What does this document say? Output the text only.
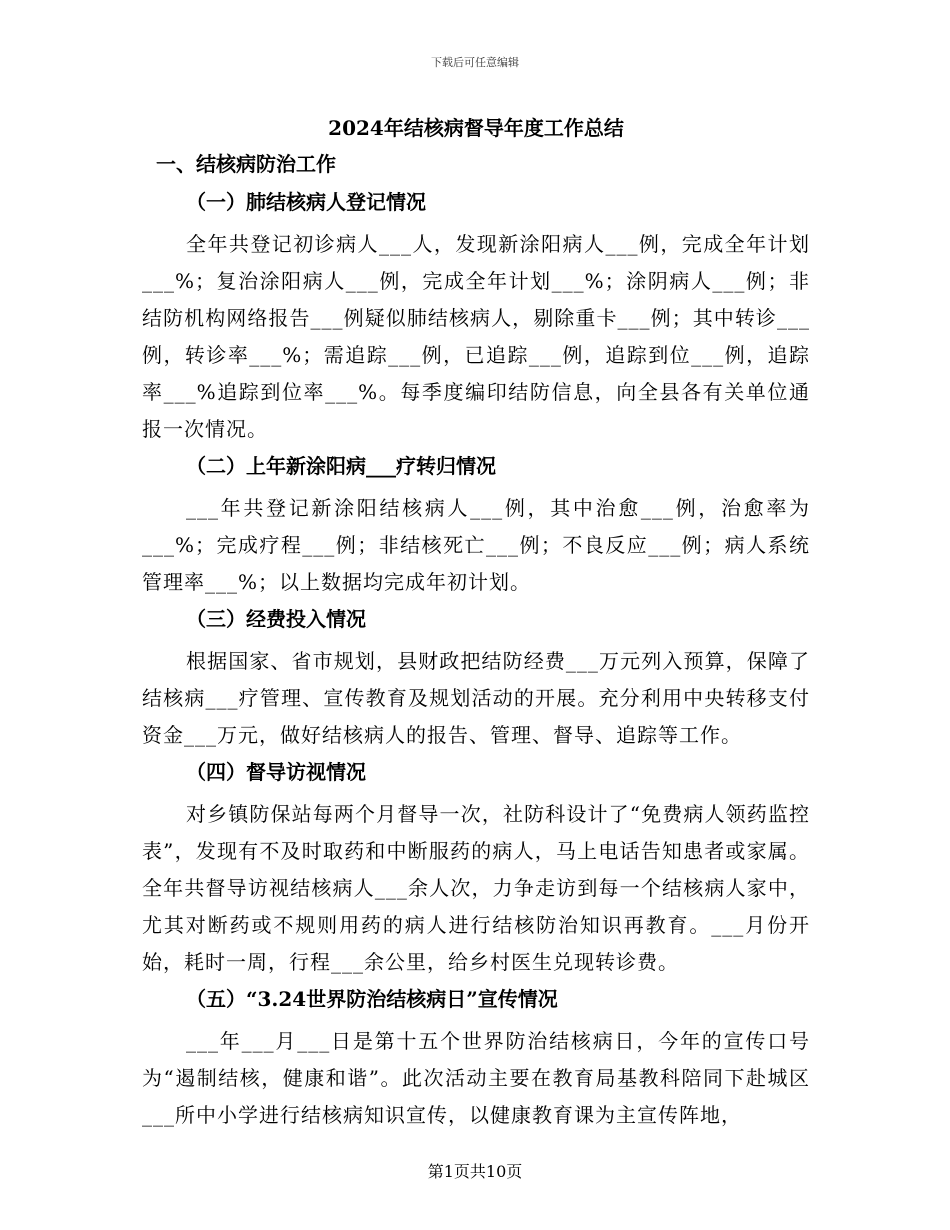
下载后可任意编辑
2024年结核病督导年度工作总结
一、结核病防治工作
（一）肺结核病人登记情况

全年共登记初诊病人___人，发现新涂阳病人___例，完成全年计划___%；复治涂阳病人___例，完成全年计划___%；涂阴病人___例；非结防机构网络报告___例疑似肺结核病人，剔除重卡___例；其中转诊___例，转诊率___%；需追踪___例，已追踪___例，追踪到位___例，追踪率___%追踪到位率___%。每季度编印结防信息，向全县各有关单位通报一次情况。

（二）上年新涂阳病___疗转归情况

___年共登记新涂阳结核病人___例，其中治愈___例，治愈率为___%；完成疗程___例；非结核死亡___例；不良反应___例；病人系统管理率___%；以上数据均完成年初计划。

（三）经费投入情况

根据国家、省市规划，县财政把结防经费___万元列入预算，保障了结核病___疗管理、宣传教育及规划活动的开展。充分利用中央转移支付资金___万元，做好结核病人的报告、管理、督导、追踪等工作。

（四）督导访视情况

对乡镇防保站每两个月督导一次，社防科设计了“免费病人领药监控表”，发现有不及时取药和中断服药的病人，马上电话告知患者或家属。全年共督导访视结核病人___余人次，力争走访到每一个结核病人家中，尤其对断药或不规则用药的病人进行结核防治知识再教育。___月份开始，耗时一周，行程___余公里，给乡村医生兑现转诊费。

（五）“3.24世界防治结核病日”宣传情况

___年___月___日是第十五个世界防治结核病日，今年的宣传口号为“遏制结核，健康和谐”。此次活动主要在教育局基教科陪同下赴城区___所中小学进行结核病知识宣传，以健康教育课为主宣传阵地，

第1页共10页
